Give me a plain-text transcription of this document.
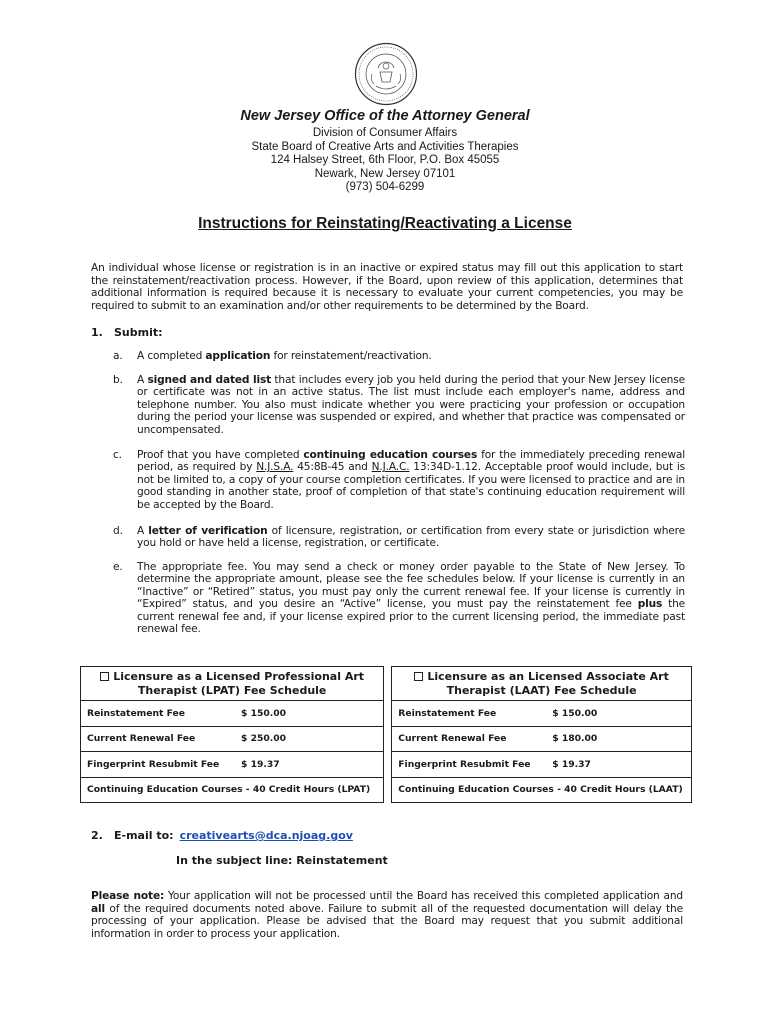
New Jersey Office of the Attorney General
Division of Consumer Affairs
State Board of Creative Arts and Activities Therapies
124 Halsey Street, 6th Floor, P.O. Box 45055
Newark, New Jersey 07101
(973) 504-6299
Instructions for Reinstating/Reactivating a License
An individual whose license or registration is in an inactive or expired status may fill out this application to start the reinstatement/reactivation process. However, if the Board, upon review of this application, determines that additional information is required because it is necessary to evaluate your current competencies, you may be required to submit to an examination and/or other requirements to be determined by the Board.
1. Submit:
a. A completed application for reinstatement/reactivation.
b. A signed and dated list that includes every job you held during the period that your New Jersey license or certificate was not in an active status. The list must include each employer's name, address and telephone number. You also must indicate whether you were practicing your profession or occupation during the period your license was suspended or expired, and whether that practice was compensated or uncompensated.
c. Proof that you have completed continuing education courses for the immediately preceding renewal period, as required by N.J.S.A. 45:8B-45 and N.J.A.C. 13:34D-1.12. Acceptable proof would include, but is not be limited to, a copy of your course completion certificates. If you were licensed to practice and are in good standing in another state, proof of completion of that state's continuing education requirement will be accepted by the Board.
d. A letter of verification of licensure, registration, or certification from every state or jurisdiction where you hold or have held a license, registration, or certificate.
e. The appropriate fee. You may send a check or money order payable to the State of New Jersey. To determine the appropriate amount, please see the fee schedules below. If your license is currently in an “Inactive” or “Retired” status, you must pay only the current renewal fee. If your license is currently in “Expired” status, and you desire an “Active” license, you must pay the reinstatement fee plus the current renewal fee and, if your license expired prior to the current licensing period, the immediate past renewal fee.
Licensure as a Licensed Professional Art Therapist (LPAT) Fee Schedule		Licensure as an Licensed Associate Art Therapist (LAAT) Fee Schedule
Reinstatement Fee $ 150.00		Reinstatement Fee $ 150.00
Current Renewal Fee $ 250.00		Current Renewal Fee $ 180.00
Fingerprint Resubmit Fee $ 19.37		Fingerprint Resubmit Fee $ 19.37
Continuing Education Courses - 40 Credit Hours (LPAT)		Continuing Education Courses - 40 Credit Hours (LAAT)
2. E-mail to: creativearts@dca.njoag.gov
In the subject line: Reinstatement
Please note: Your application will not be processed until the Board has received this completed application and all of the required documents noted above. Failure to submit all of the requested documentation will delay the processing of your application. Please be advised that the Board may request that you submit additional information in order to process your application.
